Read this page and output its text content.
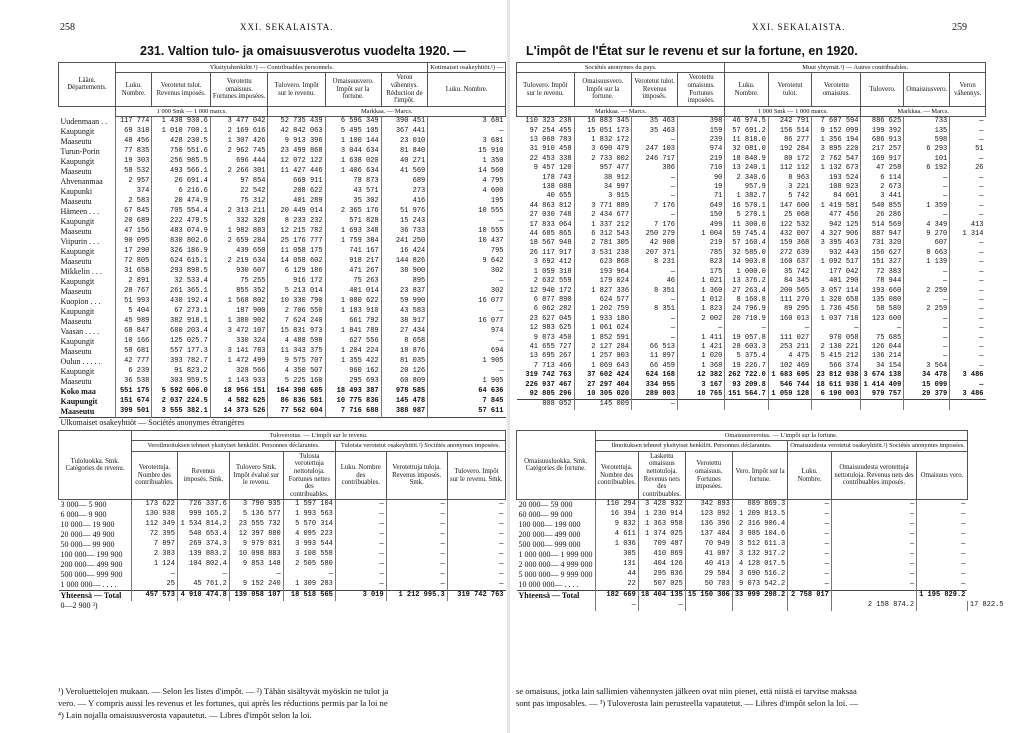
258	XXI. SEKALAISTA.
231. Valtion tulo- ja omaisuusverotus vuodelta 1920. —
Lääni. Départements.	Yksityishenkilöt.¹) — Contribuables personnels.						Kotimaiset osakeyhtiöt.¹) —
	Luku. Nombre.	Verotetut tulot. Revenus imposés.	Verotettu omaisuus. Fortunes imposées.	Tulovero. Impôt sur le revenu.	Omaisuusvero. Impôt sur la fortune.	Veron vähennys. Réduction de l'impôt.	Luku. Nombre.
	1 000 Smk — 1 000 marcs.			Markkaa. — Marcs.			
Uudenmaan . .	117 774	1 438 930.6	3 477 042	52 735 439	6 596 349	390 451	3 681
Kaupungit	69 318	1 010 700.1	2 169 616	42 842 063	5 495 105	367 441	—
Maaseutu	48 456	428 230.5	1 307 426	9 913 396	1 100 144	23 010	3 681
Turun-Porin	77 835	750 551.6	2 962 745	23 499 868	3 044 634	81 840	15 910
Kaupungit	19 303	256 985.5	696 444	12 072 122	1 638 020	40 271	1 350
Maaseutu	58 532	493 566.1	2 266 301	11 427 446	1 406 634	41 569	14 560
Ahvenanmaa	2 957	26 691.4	97 854	669 911	78 873	689	4 795
Kaupunki	374	6 216.6	22 542	208 622	43 571	273	4 600
Maaseutu	2 583	20 474.9	75 312	401 289	35 302	416	195
Hämeen . . .	67 845	705 554.4	2 313 211	20 449 014	2 365 176	51 976	10 555
Kaupungit	20 689	222 479.5	332 328	8 233 232	571 828	15 243	—
Maaseutu	47 156	483 074.9	1 982 883	12 215 782	1 693 348	36 733	10 555
Viipurin . . .	90 095	830 802.6	2 659 284	25 176 777	1 759 384	241 250	10 437
Kaupungit	17 290	326 186.9	439 650	11 058 175	741 167	16 424	795
Maaseutu	72 805	624 615.1	2 219 634	14 058 602	918 217	144 826	9 642
Mikkelin . . .	31 658	293 898.5	930 607	6 129 186	471 267	38 900	302
Kaupungit	2 891	32 533.4	75 255	916 172	75 263	895	—
Maaseutu	28 767	261 365.1	855 352	5 213 014	401 014	23 837	302
Kuopion . . .	51 993	430 192.4	1 568 802	10 330 790	1 080 622	59 990	16 077
Kaupungit	5 404	67 273.1	187 900	2 706 550	1 183 910	43 583	—
Maaseutu	45 989	382 918.1	1 380 902	7 624 240	661 792	38 917	16 077
Vaasan . . . .	68 847	680 203.4	3 472 107	15 831 973	1 841 789	27 434	974
Kaupungit	10 166	125 025.7	330 324	4 488 598	627 556	8 658	—
Maaseutu	58 681	557 177.3	3 141 783	11 343 375	1 204 224	18 876	694
Oulun . . . . .	42 777	393 782.7	1 472 499	9 575 707	1 355 422	81 035	1 905
Kaupungit	6 239	91 823.2	328 566	4 350 507	960 162	20 126	—
Maaseutu	36 538	303 959.5	1 143 933	5 225 160	295 693	60 809	1 905
Koko maa	551 175	5 592 606.0	18 956 151	164 398 685	18 493 387	978 585	64 636
Kaupungit	151 674	2 037 224.5	4 582 625	86 836 581	10 775 836	145 478	7 845
Maaseutu	399 501	3 555 382.1	14 373 526	77 562 604	7 716 688	388 987	57 611
Ulkomaiset osakeyhtiöt — Sociétés anonymes étrangères							
Tuloluokka. Smk. Catégories de revenu.	Tuloverotus. — L'impôt sur le revenu.						
	Veroilmoituksen tehneet yksityiset henkilöt. Personnes déclarantes.				Tuloista verotetut osakeyhtiöt.²) Sociétés anonymes imposées.		
	Verotettuja. Nombre des contribuables.	Revenus imposés. Smk.	Tulovero Smk. Impôt évalué sur le revenu.	Tulosta verotettuja nettotuloja. Fortunes nettes des contribuables.	Luku. Nombre des contribuables.	Verotettuja tuloja. Revenus imposés. Smk.	Tulovero. Impôt sur le revenu. Smk.
3 000— 5 900	173 622	726 337.6	3 790 935	1 597 104	—	—	—
6 000— 9 900	130 938	999 165.2	5 136 577	1 993 563	—	—	—
10 000— 19 900	112 349	1 534 814.2	23 555 732	5 570 314	—	—	—
20 000— 49 900	72 395	540 653.4	12 397 880	4 095 223	—	—	—
50 000— 99 900	7 897	269 374.3	9 979 831	3 993 544	—	—	—
100 000— 199 900	2 383	139 883.2	10 098 883	3 108 558	—	—	—
200 000— 499 900	1 124	104 802.4	9 853 148	2 505 580	—	—	—
500 000— 999 900	—	—	—	—	—	—	—
1 000 000— . . . .	25	45 761.2	9 152 240	1 309 283	—	—	—
Yhteensä — Total	457 573	4 910 474.8	139 058 107	18 518 565	3 019	1 212 995.3	319 742 763
0—2 900 ³)							
¹) Veroluettelojen mukaan. — Selon les listes d'impôt. — ²) Tähän sisältyvät myöskin ne tulot ja
vero. — Y compris aussi les revenus et les fortunes, qui après les réductions permis par la loi ne
⁴) Lain nojalla omaisuusverosta vapautetut. — Libres d'impôt selon la loi.
XXI. SEKALAISTA.	259
L'impôt de l'État sur le revenu et sur la fortune, en 1920.
Sociétés anonymes du pays.				Muut yhtymät.¹) — Autres contribuables.					
Tulovero. Impôt sur le revenu.	Omaisuusvero. Impôt sur la fortune.	Verotetut tulot. Revenus imposés.	Verotettu omaisuus. Fortunes imposées.	Luku. Nombre.	Verotetut tulot.	Verotettu omaisuus.	Tulovero.	Omaisuusvero.	Veron vähennys.
Markkaa. — Marcs.				1 000 Smk — 1 000 marcs.			Markkaa. — Marcs.		
110 323 238	16 883 345	35 463	398	46 974.5	242 791	7 607 594	886 625	733	—
97 254 455	15 051 173	35 463	159	57 691.2	156 514	9 152 099	199 392	135	—
13 068 783	1 832 172	—	239	11 818.0	86 277	1 356 194	686 913	598	—
31 910 458	3 690 479	247 103	974	32 081.0	192 284	3 895 220	217 257	6 293	51
22 453 338	2 733 002	246 717	219	18 840.9	80 172	2 762 547	169 917	101	—
9 457 120	957 477	386	710	13 240.1	112 112	1 132 673	47 258	6 192	26
178 743	38 912	—	90	2 340.6	8 963	193 524	6 114	—	—
138 088	34 997	—	19	957.9	3 221	108 923	2 673	—	—
40 655	3 915	—	71	1 382.7	5 742	84 601	3 441	—	—
44 863 812	3 771 889	7 176	649	16 570.1	147 600	1 419 581	540 855	1 359	—
27 030 748	2 434 677	—	150	5 270.1	25 068	477 456	26 286	—	—
17 833 064	1 337 212	7 176	499	11 300.0	122 532	942 125	514 569	4 349	413
44 685 865	6 312 543	250 279	1 004	59 745.4	432 007	4 327 906	887 947	9 270	1 314
18 567 948	2 781 305	42 908	219	57 160.4	159 368	3 395 463	731 320	607	—
26 117 917	3 531 238	207 371	785	32 585.0	272 639	932 443	156 627	8 663	—
3 692 412	623 868	8 231	823	14 903.8	160 637	1 092 517	151 327	1 139	—
1 059 318	193 964	—	175	1 000.0	35 742	177 042	72 383	—	—
2 632 559	179 024	46	1 021	13 376.2	84 345	401 290	78 944	—	—
12 940 172	1 827 336	8 351	1 360	27 263.4	200 565	3 057 114	193 660	2 259	—
6 877 890	624 577	—	1 012	8 160.8	111 270	1 320 658	135 080	—	—
6 062 282	1 202 759	8 351	1 823	24 796.9	89 295	1 736 456	58 580	2 259	—
23 627 045	1 933 180	—	2 002	20 710.9	160 013	1 037 718	123 600	—	—
12 983 625	1 061 624	—	—	—	—	—	—	—	—
9 873 450	1 852 591	—	1 411	19 057.8	111 027	970 058	75 685	—	—
41 655 727	2 127 284	66 513	1 421	28 603.3	253 211	2 130 221	126 044	—	—
13 695 267	1 257 903	11 097	1 020	5 375.4	4 475	5 415 212	136 214	—	—
7 713 466	1 069 643	66 459	1 368	19 226.7	102 469	566 374	34 154	3 564	—
319 742 763	37 602 424	624 168	12 382	262 722.0	1 683 695	23 812 938	3 674 138	34 478	3 486
226 937 467	27 297 404	334 955	3 167	93 209.8	546 744	18 611 938	1 414 409	15 099	—
92 805 296	10 305 020	289 003	10 765	151 564.7	1 059 128	6 190 003	979 757	29 379	3 486
808 052	145 009	—							
Omaisuusluokka. Smk. Catégories de fortune.	Omaisuusverotus. — L'impôt sur la fortune.							
	Ilmoituksen tehneet yksityiset henkilöt. Personnes déclarantes.				Omaisuudesta verotetut osakeyhtiöt.²) Sociétés anonymes imposées.			
	Verotettuja. Nombre des contribuables.	Laskettu omaisuus nettotuloja. Revenus nets des contribuables.	Verotettu omaisuus. Fortunes imposées.	Vero. Impôt sur la fortune.	Luku. Nombre.	Omaisuudesta verotettuja nettotuloja. Revenus nets des contribuables imposés.	Omaisuus vero.	
20 000— 59 000	110 294	3 428 932	342 893	889 869.3	—	—	—	
60 000— 99 000	16 394	1 230 914	123 092	1 209 813.5	—	—	—	
100 000— 199 000	9 832	1 363 958	136 396	2 316 906.4	—	—	—	
200 000— 499 000	4 611	1 374 025	137 404	3 985 104.6	—	—	—	
500 000— 999 000	1 036	709 487	70 949	3 512 611.3	—	—	—	
1 000 000— 1 999 000	305	410 869	41 087	3 132 917.2	—	—	—	
2 000 000— 4 999 000	131	404 126	40 413	4 128 017.5	—	—	—	
5 000 000— 9 999 000	44	295 836	29 584	3 690 516.2	—	—	—	
10 000 000— . . . .	22	507 025	50 703	9 073 542.2	—	—	—	
Yhteensä — Total	182 669	18 404 135	15 150 306	33 999 298.2	2 758 017		1 195 829.2	
	—	—				2 158 874.2		17 822.5
se omaisuus, jotka lain sallimien vähennysten jälkeen ovat niin pienet, että niistä ei tarvitse maksaa
sont pas imposables. — ³) Tuloverosta lain perusteella vapautetut. — Libres d'impôt selon la loi. —
